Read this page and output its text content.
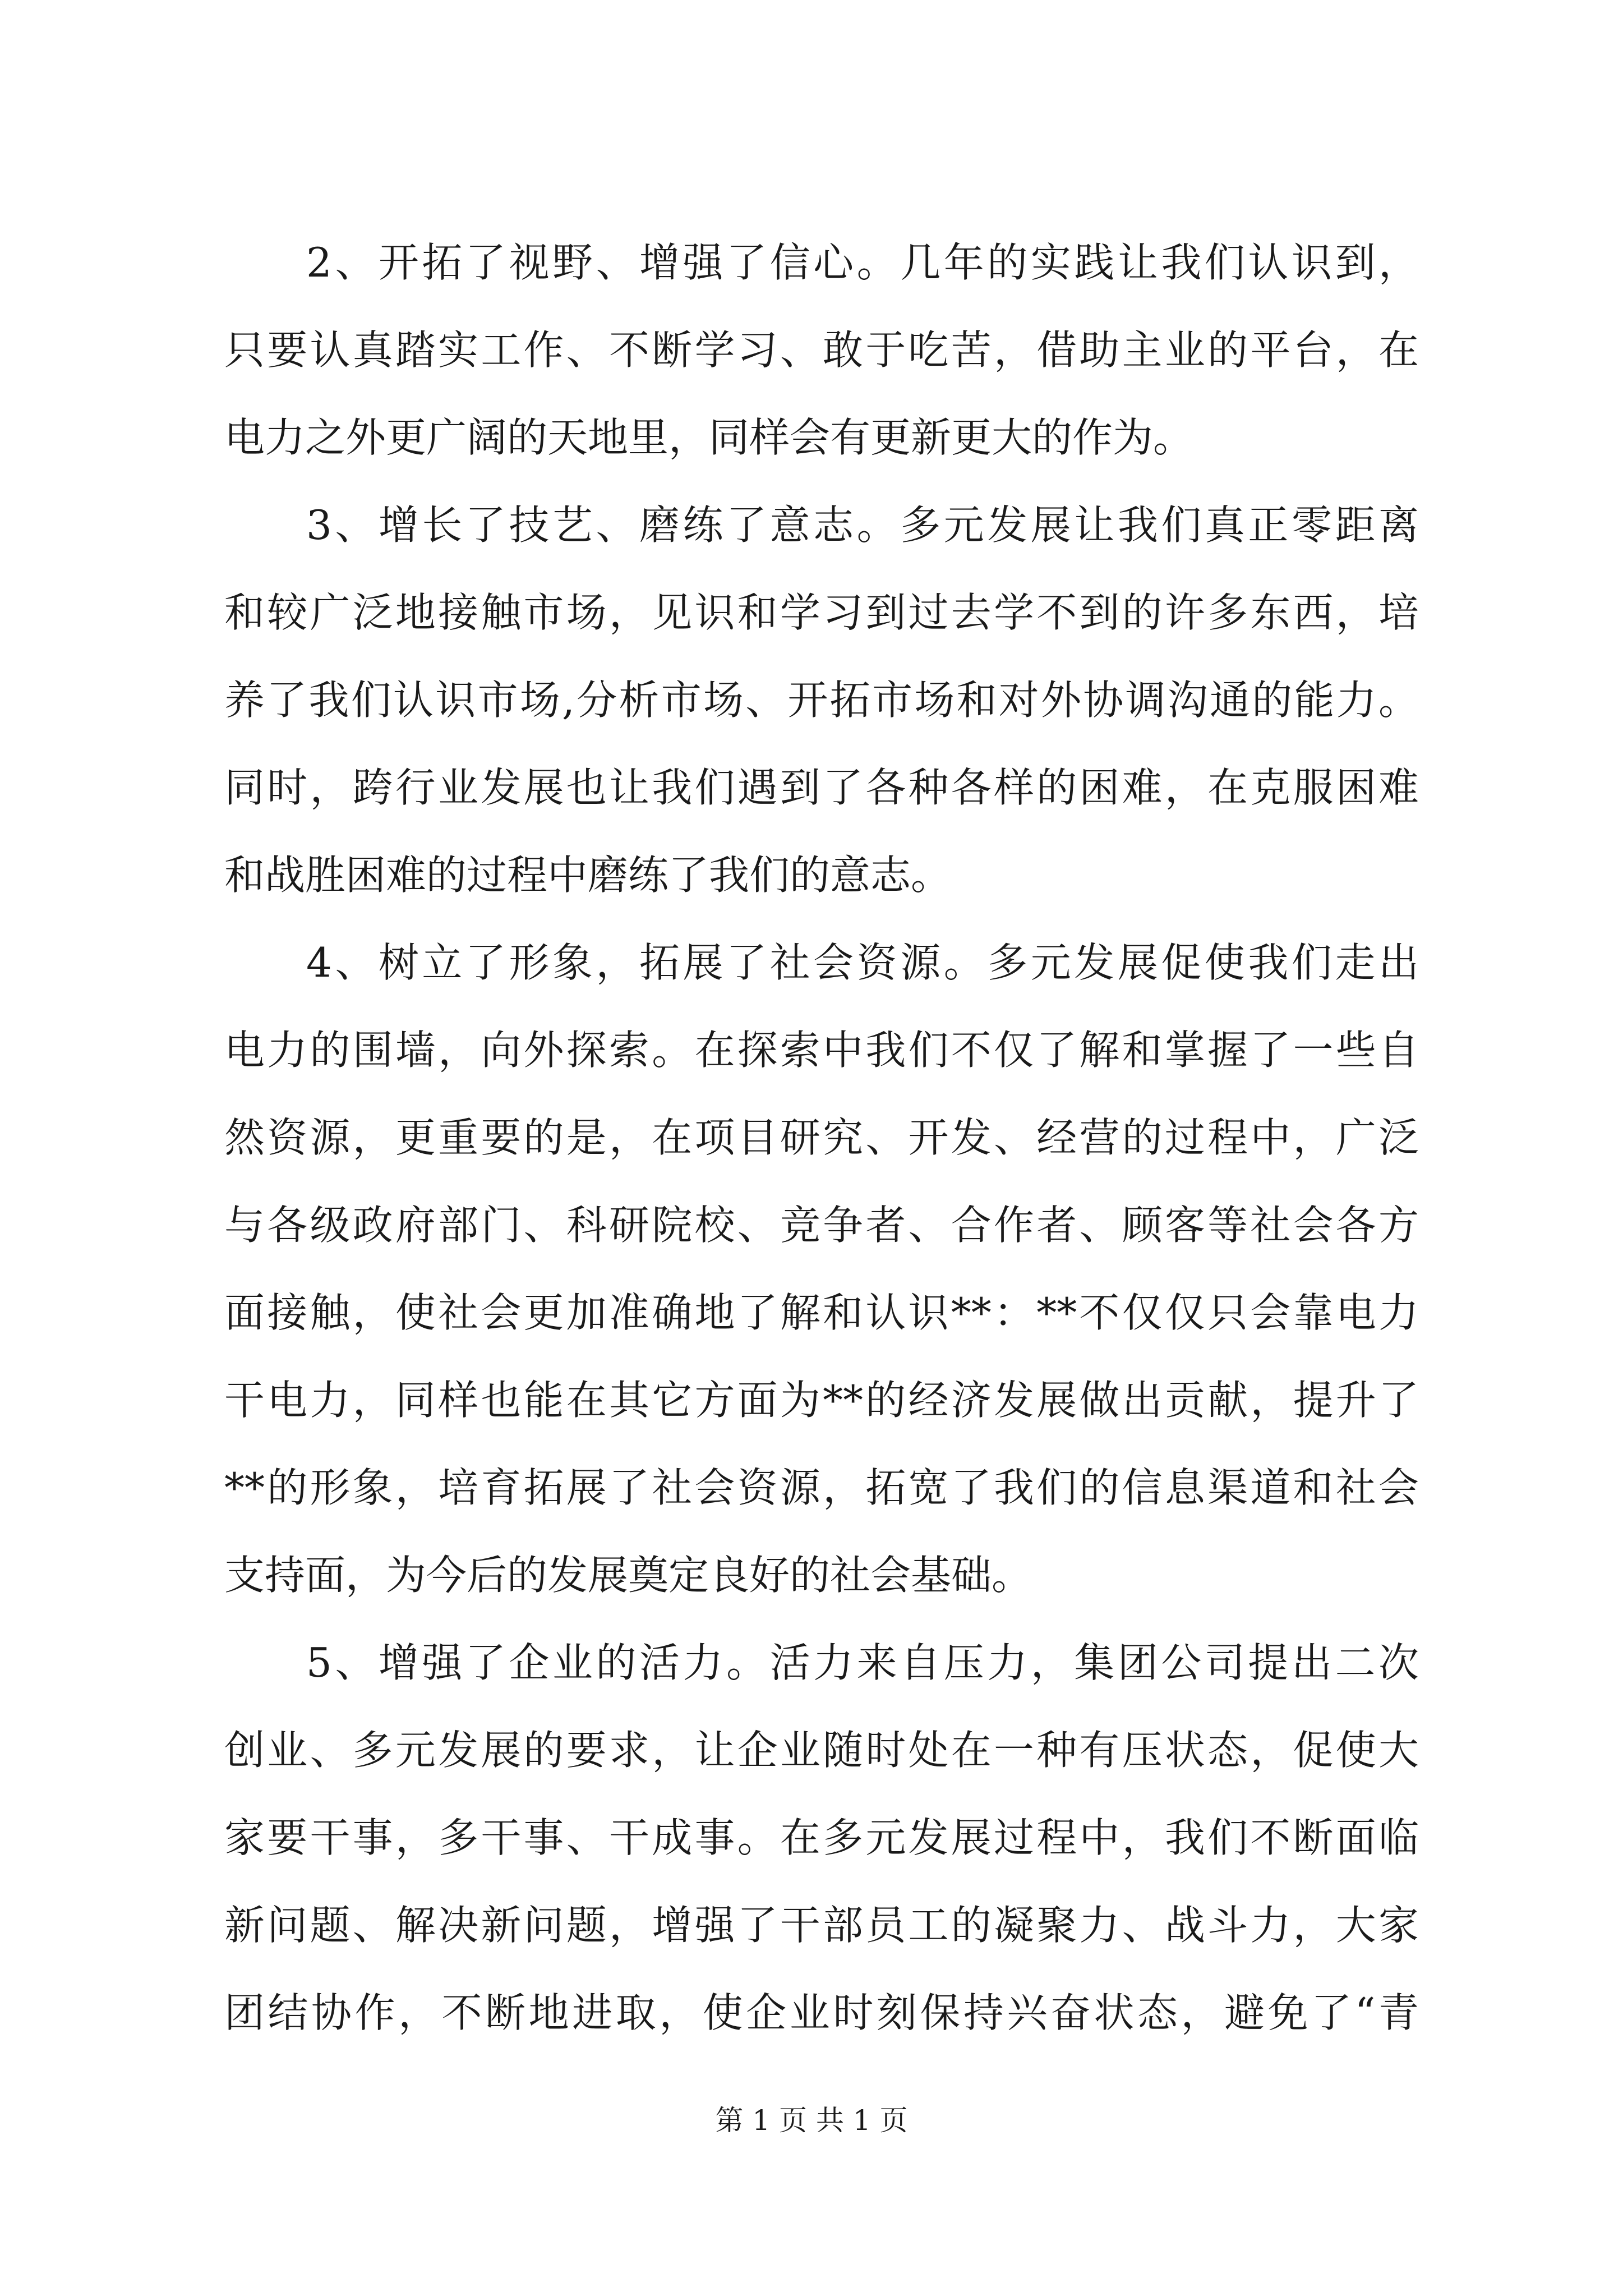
2、开拓了视野、增强了信心。几年的实践让我们认识到，
只要认真踏实工作、不断学习、敢于吃苦，借助主业的平台，在
电力之外更广阔的天地里，同样会有更新更大的作为。
3、增长了技艺、磨练了意志。多元发展让我们真正零距离
和较广泛地接触市场，见识和学习到过去学不到的许多东西，培
养了我们认识市场,分析市场、开拓市场和对外协调沟通的能力。
同时，跨行业发展也让我们遇到了各种各样的困难，在克服困难
和战胜困难的过程中磨练了我们的意志。
4、树立了形象，拓展了社会资源。多元发展促使我们走出
电力的围墙，向外探索。在探索中我们不仅了解和掌握了一些自
然资源，更重要的是，在项目研究、开发、经营的过程中，广泛
与各级政府部门、科研院校、竞争者、合作者、顾客等社会各方
面接触，使社会更加准确地了解和认识**：**不仅仅只会靠电力
干电力，同样也能在其它方面为**的经济发展做出贡献，提升了
**的形象，培育拓展了社会资源，拓宽了我们的信息渠道和社会
支持面，为今后的发展奠定良好的社会基础。
5、增强了企业的活力。活力来自压力，集团公司提出二次
创业、多元发展的要求，让企业随时处在一种有压状态，促使大
家要干事，多干事、干成事。在多元发展过程中，我们不断面临
新问题、解决新问题，增强了干部员工的凝聚力、战斗力，大家
团结协作，不断地进取，使企业时刻保持兴奋状态，避免了“青
第 1 页 共 1 页
